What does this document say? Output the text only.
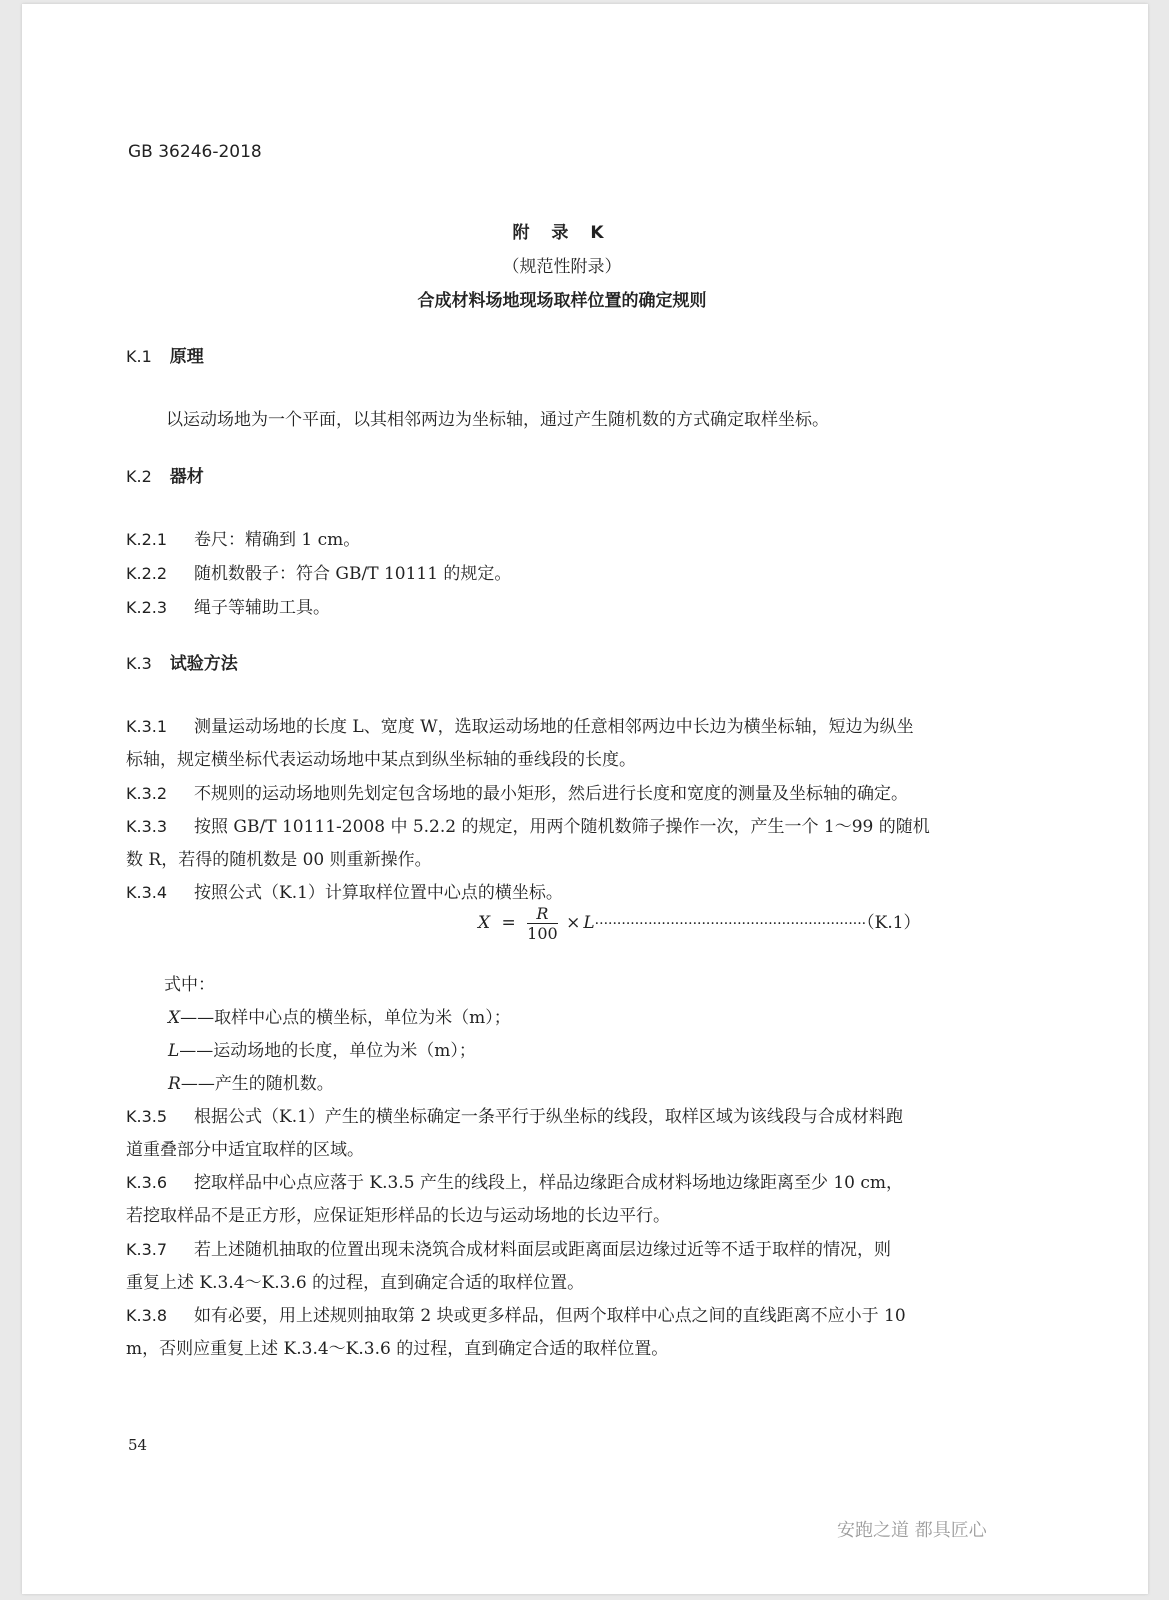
GB 36246-2018
附 录 K
（规范性附录）
合成材料场地现场取样位置的确定规则
K.1 原理
以运动场地为一个平面，以其相邻两边为坐标轴，通过产生随机数的方式确定取样坐标。
K.2 器材
K.2.1 卷尺：精确到 1 cm。
K.2.2 随机数骰子：符合 GB/T 10111 的规定。
K.2.3 绳子等辅助工具。
K.3 试验方法
K.3.1 测量运动场地的长度 L、宽度 W，选取运动场地的任意相邻两边中长边为横坐标轴，短边为纵坐
标轴，规定横坐标代表运动场地中某点到纵坐标轴的垂线段的长度。
K.3.2 不规则的运动场地则先划定包含场地的最小矩形，然后进行长度和宽度的测量及坐标轴的确定。
K.3.3 按照 GB/T 10111-2008 中 5.2.2 的规定，用两个随机数筛子操作一次，产生一个 1～99 的随机
数 R，若得的随机数是 00 则重新操作。
K.3.4 按照公式（K.1）计算取样位置中心点的横坐标。
$X = \frac{R}{100} \times L\cdot\cdot\cdot\cdot\cdot\cdot\cdot\cdot\cdot\cdot\cdot\cdot\cdot\cdot\cdot\cdot\cdot\cdot\cdot\cdot\cdot\cdot\cdot\cdot\cdot\cdot\cdot\cdot\cdot\cdot\cdot\cdot\cdot\cdot\cdot\cdot\cdot\cdot\cdot\cdot\cdot\cdot\cdot\cdot\cdot\cdot\cdot\cdot\cdot\cdot\cdot\cdot\cdot\cdot\cdot\cdot\cdot\cdot\cdot\cdot\cdot(K.1)$
式中：
X——取样中心点的横坐标，单位为米（m）；
L——运动场地的长度，单位为米（m）；
R——产生的随机数。
K.3.5 根据公式（K.1）产生的横坐标确定一条平行于纵坐标的线段，取样区域为该线段与合成材料跑
道重叠部分中适宜取样的区域。
K.3.6 挖取样品中心点应落于 K.3.5 产生的线段上，样品边缘距合成材料场地边缘距离至少 10 cm，
若挖取样品不是正方形，应保证矩形样品的长边与运动场地的长边平行。
K.3.7 若上述随机抽取的位置出现未浇筑合成材料面层或距离面层边缘过近等不适于取样的情况，则
重复上述 K.3.4～K.3.6 的过程，直到确定合适的取样位置。
K.3.8 如有必要，用上述规则抽取第 2 块或更多样品，但两个取样中心点之间的直线距离不应小于 10
m，否则应重复上述 K.3.4～K.3.6 的过程，直到确定合适的取样位置。
54
安跑之道 都具匠心
